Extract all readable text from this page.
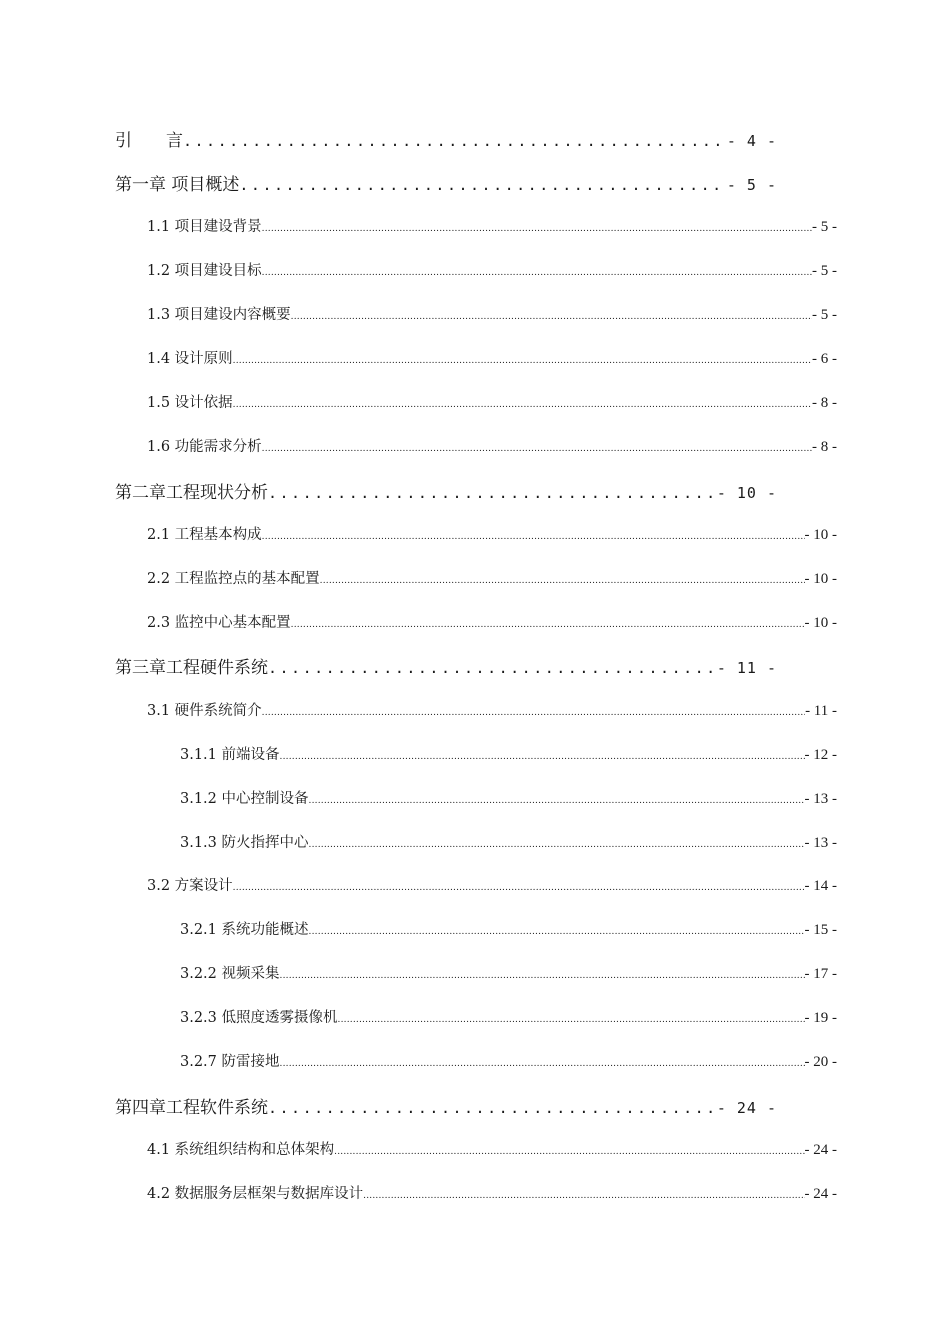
引　　言 .....	- 4 -
第一章 项目概述 .....	- 5 -
1.1 项目建设背景 .....	- 5 -
1.2 项目建设目标 .....	- 5 -
1.3 项目建设内容概要 .....	- 5 -
1.4 设计原则 .....	- 6 -
1.5 设计依据 .....	- 8 -
1.6 功能需求分析 .....	- 8 -
第二章工程现状分析 .....	- 10 -
2.1 工程基本构成 .....	- 10 -
2.2 工程监控点的基本配置 .....	- 10 -
2.3 监控中心基本配置 .....	- 10 -
第三章工程硬件系统 .....	- 11 -
3.1 硬件系统简介 .....	- 11 -
3.1.1 前端设备 .....	- 12 -
3.1.2 中心控制设备 .....	- 13 -
3.1.3 防火指挥中心 .....	- 13 -
3.2 方案设计 .....	- 14 -
3.2.1 系统功能概述 .....	- 15 -
3.2.2 视频采集 .....	- 17 -
3.2.3 低照度透雾摄像机 .....	- 19 -
3.2.7 防雷接地 .....	- 20 -
第四章工程软件系统 .....	- 24 -
4.1 系统组织结构和总体架构 .....	- 24 -
4.2 数据服务层框架与数据库设计 .....	- 24 -
